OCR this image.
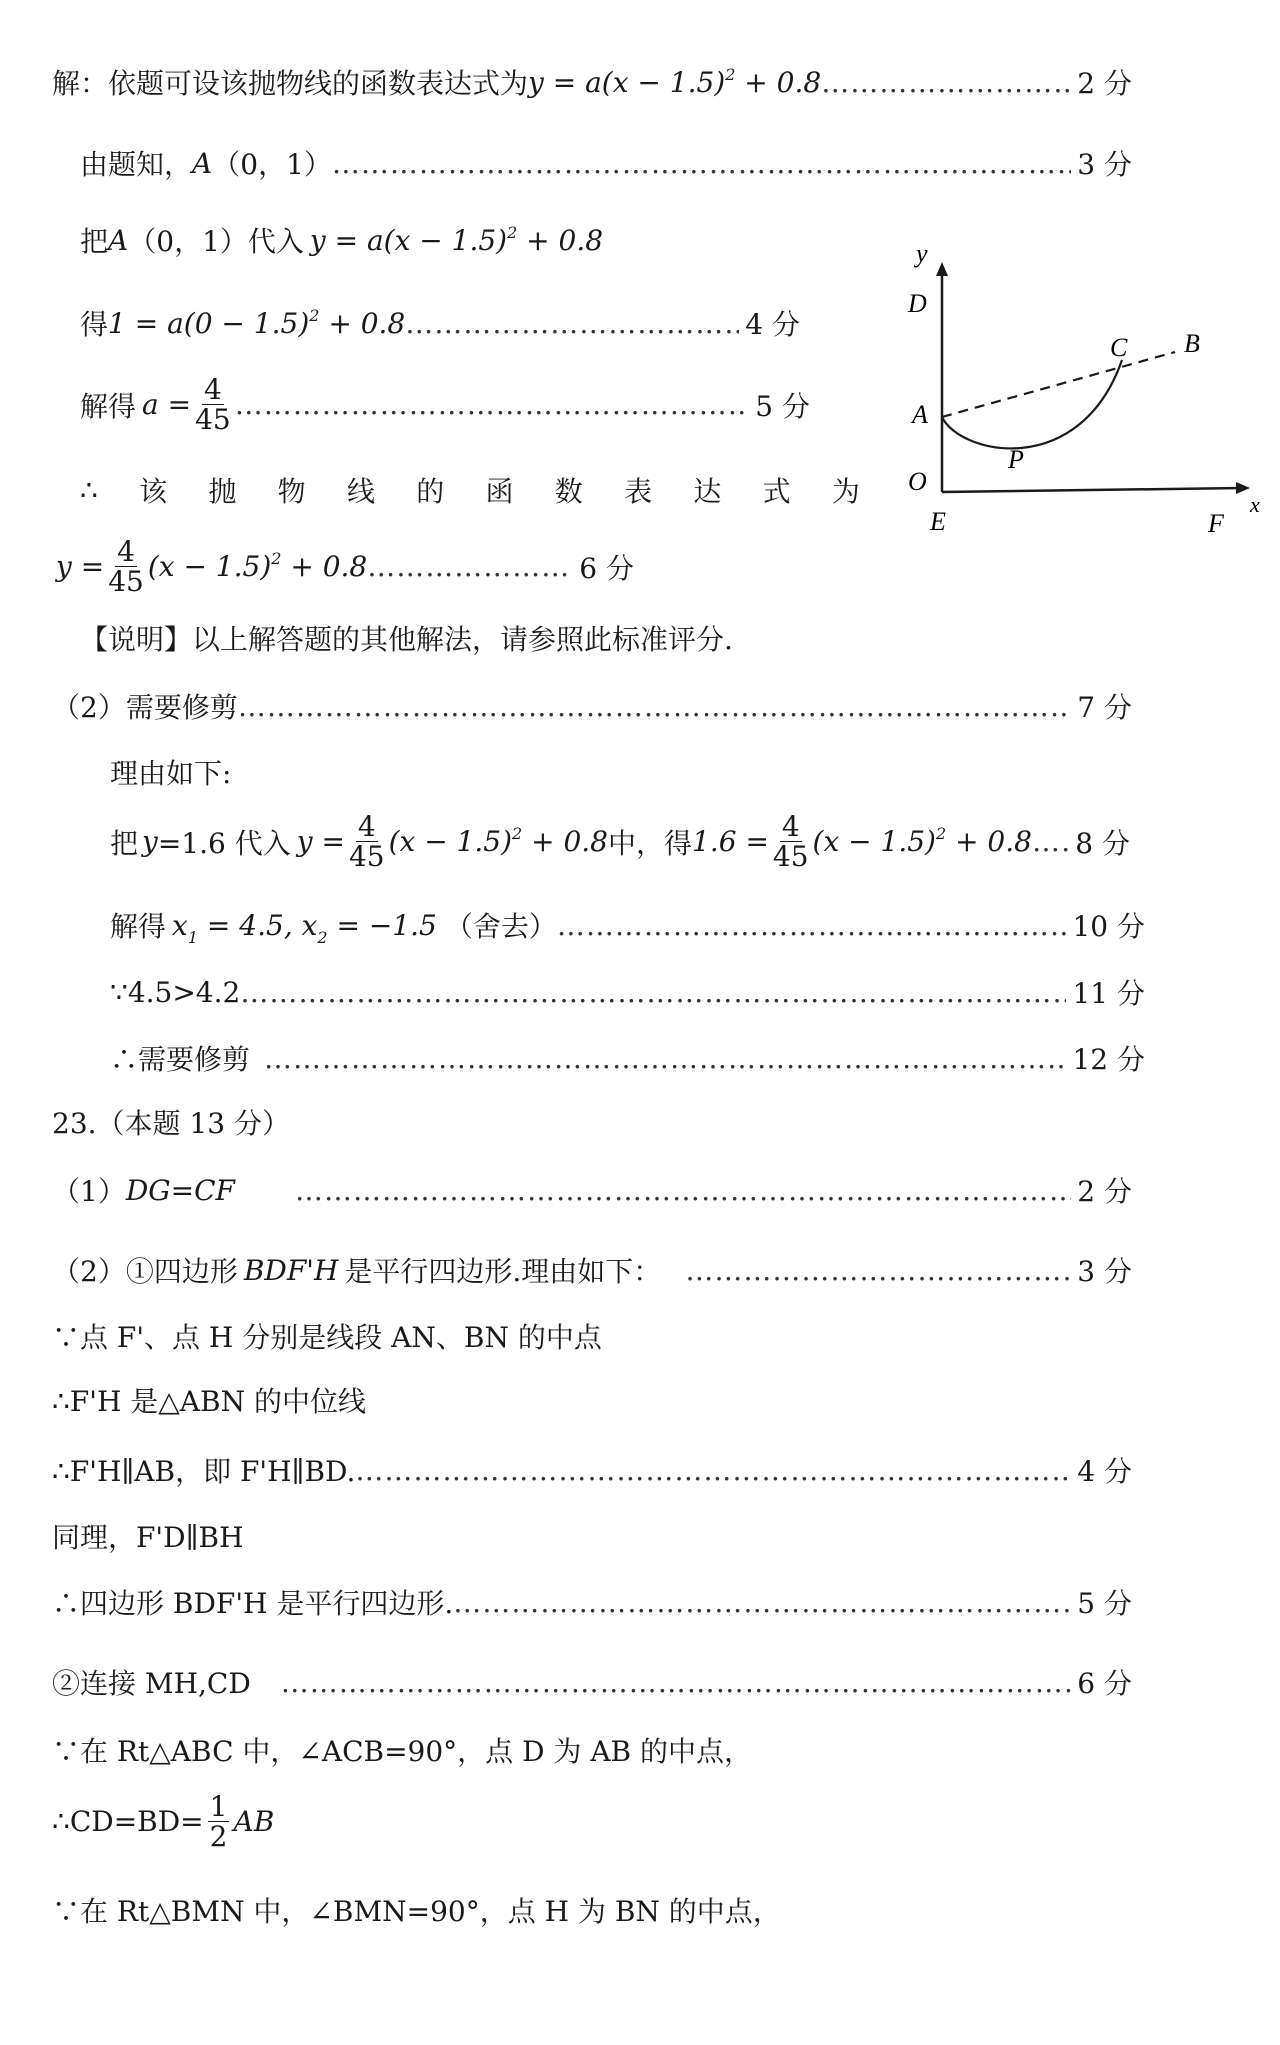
解：依题可设该抛物线的函数表达式为 $y = a(x - 1.5)^2 + 0.8$ ……………………………………………………………………………………………………………………………………………………………………………………………………	2 分
由题知， A （0，1） ……………………………………………………………………………………………………………………………………………………………………………………………………	3 分
把 A （0，1）代入 $y = a(x - 1.5)^2 + 0.8$
得 $1 = a(0 - 1.5)^2 + 0.8$ ……………………………………………………………………………………………………………………………………………………………………………………………………	4 分
解得 $a = \frac{4}{45}$ ……………………………………………………………………………………………………………………………………………………………………………………………………	5 分
∴ 该 抛 物 线 的 函 数 表 达 式 为
$y = \frac{4}{45} (x - 1.5)^2 + 0.8$ ……………………………………………………………………………………………………………………………………………………………………………………………………	6 分
y
x
D
A
O
E	F
P
C B
【说明】以上解答题的其他解法，请参照此标准评分.
（2）需要修剪 ……………………………………………………………………………………………………………………………………………………………………………………………………	7 分
理由如下:
把 y =1.6 代入 $y = \frac{4}{45} (x - 1.5)^2 + 0.8$ 中，得 $1.6 = \frac{4}{45} (x - 1.5)^2 + 0.8$ …………………………………………………………………………………………………………………………………………………………………………………………………… 8 分
解得 $x_1 = 4.5$, $x_2 = -1.5$ （舍去） ……………………………………………………………………………………………………………………………………………………………………………………………………	10 分
∵4.5>4.2 ……………………………………………………………………………………………………………………………………………………………………………………………………	11 分
∴需要修剪 ……………………………………………………………………………………………………………………………………………………………………………………………………	12 分
23.（本题 13 分）
（1） DG=CF ……………………………………………………………………………………………………………………………………………………………………………………………………	2 分
（2）①四边形 BDF'H 是平行四边形.理由如下： ……………………………………………………………………………………………………………………………………………………………………………………………………	3 分
∵点 F'、点 H 分别是线段 AN、BN 的中点
∴F'H 是△ABN 的中位线
∴F'H∥AB，即 F'H∥BD. ……………………………………………………………………………………………………………………………………………………………………………………………………	4 分
同理，F'D∥BH
∴四边形 BDF'H 是平行四边形. ……………………………………………………………………………………………………………………………………………………………………………………………………	5 分
②连接 MH,CD ……………………………………………………………………………………………………………………………………………………………………………………………………	6 分
∵在 Rt△ABC 中，∠ACB=90°，点 D 为 AB 的中点，
∴CD=BD= $\frac{1}{2}$ AB
∵在 Rt△BMN 中，∠BMN=90°，点 H 为 BN 的中点，
